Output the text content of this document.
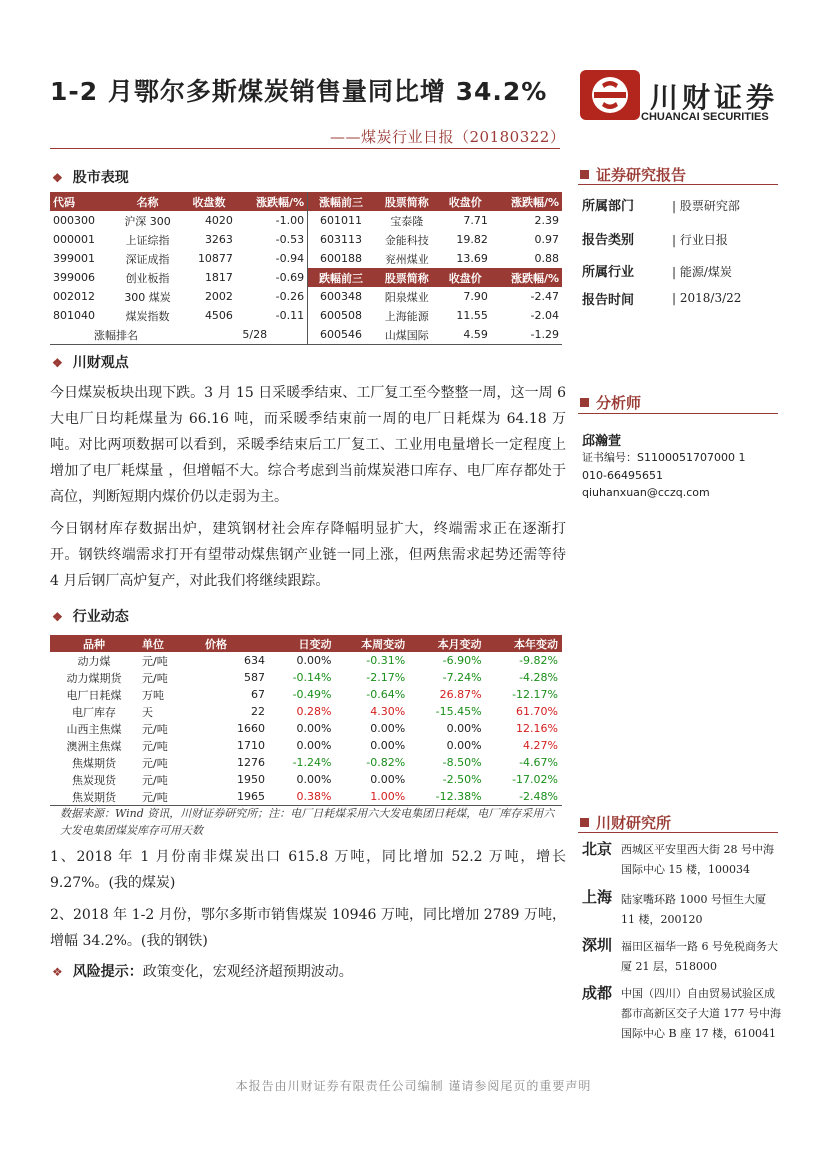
1-2 月鄂尔多斯煤炭销售量同比增 34.2%
——煤炭行业日报（20180322）
川财证券
CHUANCAI SECURITIES
❖ 股市表现
代码	名称	收盘数	涨跌幅/%	涨幅前三	股票简称	收盘价	涨跌幅/%
000300	沪深 300	4020	-1.00	601011	宝泰隆	7.71	2.39
000001	上证综指	3263	-0.53	603113	金能科技	19.82	0.97
399001	深证成指	10877	-0.94	600188	兖州煤业	13.69	0.88
399006	创业板指	1817	-0.69	跌幅前三	股票简称	收盘价	涨跌幅/%
002012	300 煤炭	2002	-0.26	600348	阳泉煤业	7.90	-2.47
801040	煤炭指数	4506	-0.11	600508	上海能源	11.55	-2.04
涨幅排名		5/28		600546	山煤国际	4.59	-1.29
❖ 川财观点
今日煤炭板块出现下跌。3 月 15 日采暖季结束、工厂复工至今整整一周，这一周 6 大电厂日均耗煤量为 66.16 吨，而采暖季结束前一周的电厂日耗煤为 64.18 万吨。对比两项数据可以看到，采暖季结束后工厂复工、工业用电量增长一定程度上增加了电厂耗煤量 ，但增幅不大。综合考虑到当前煤炭港口库存、电厂库存都处于高位，判断短期内煤价仍以走弱为主。
今日钢材库存数据出炉，建筑钢材社会库存降幅明显扩大，终端需求正在逐渐打开。钢铁终端需求打开有望带动煤焦钢产业链一同上涨，但两焦需求起势还需等待 4 月后钢厂高炉复产，对此我们将继续跟踪。
❖ 行业动态
品种	单位	价格	日变动	本周变动	本月变动	本年变动
动力煤	元/吨	634	0.00%	-0.31%	-6.90%	-9.82%
动力煤期货	元/吨	587	-0.14%	-2.17%	-7.24%	-4.28%
电厂日耗煤	万吨	67	-0.49%	-0.64%	26.87%	-12.17%
电厂库存	天	22	0.28%	4.30%	-15.45%	61.70%
山西主焦煤	元/吨	1660	0.00%	0.00%	0.00%	12.16%
澳洲主焦煤	元/吨	1710	0.00%	0.00%	0.00%	4.27%
焦煤期货	元/吨	1276	-1.24%	-0.82%	-8.50%	-4.67%
焦炭现货	元/吨	1950	0.00%	0.00%	-2.50%	-17.02%
焦炭期货	元/吨	1965	0.38%	1.00%	-12.38%	-2.48%
数据来源：Wind 资讯，川财证券研究所；注：电厂日耗煤采用六大发电集团日耗煤，电厂库存采用六大发电集团煤炭库存可用天数
1、2018 年 1 月份南非煤炭出口 615.8 万吨，同比增加 52.2 万吨，增长 9.27%。(我的煤炭)
2、2018 年 1-2 月份，鄂尔多斯市销售煤炭 10946 万吨，同比增加 2789 万吨，增幅 34.2%。(我的钢铁)
❖ 风险提示：政策变化，宏观经济超预期波动。
证券研究报告
所属部门	| 股票研究部
报告类别	| 行业日报
所属行业	| 能源/煤炭
报告时间	| 2018/3/22
分析师
邱瀚萱
证书编号：S1100051707000 1
010-66495651
qiuhanxuan@cczq.com
川财研究所
北京 西城区平安里西大街 28 号中海国际中心 15 楼，100034
上海 陆家嘴环路 1000 号恒生大厦 11 楼，200120
深圳 福田区福华一路 6 号免税商务大厦 21 层，518000
成都 中国（四川）自由贸易试验区成都市高新区交子大道 177 号中海国际中心 B 座 17 楼，610041
本报告由川财证券有限责任公司编制 谨请参阅尾页的重要声明
